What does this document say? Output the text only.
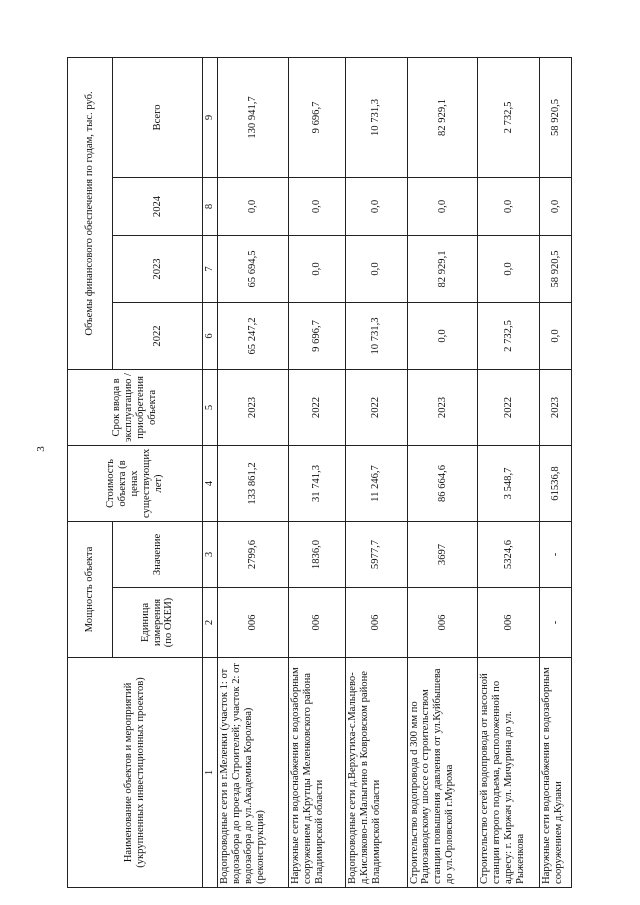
3
Наименование объектов и мероприятий (укрупненных инвестиционных проектов)	Мощность объекта		Стоимость объекта (в ценах существующих лет)	Срок ввода в эксплуатацию / приобретения объекта	Объемы финансового обеспечения по годам, тыс. руб.			
	Единица измерения (по ОКЕИ)	Значение			2022	2023	2024	Всего
1	2	3	4	5	6	7	8	9
Водопроводные сети в г.Меленки (участок 1: от водозабора до проезда Строителей; участок 2: от водозабора до ул.Академика Королева) (реконструкция)	006	2799,6	133 861,2	2023	65 247,2	65 694,5	0,0	130 941,7
Наружные сети водоснабжения с водозаборным сооружением д.Крутцы Меленковского района Владимирской области	006	1836,0	31 741,3	2022	9 696,7	0,0	0,0	9 696,7
Водопроводные сети д.Верхутиха-с.Мальцево-д.Кисляково-п.Малыгино в Ковровском районе Владимирской области	006	5977,7	11 246,7	2022	10 731,3	0,0	0,0	10 731,3
Строительство водопровода d 300 мм по Радиозаводскому шоссе со строительством станции повышения давления от ул.Куйбышева до ул.Орловской г.Мурома	006	3697	86 664,6	2023	0,0	82 929,1	0,0	82 929,1
Строительство сетей водопровода от насосной станции второго подъема, расположенной по адресу: г. Киржач ул. Мичурина до ул. Рыженкова	006	5324,6	3 548,7	2022	2 732,5	0,0	0,0	2 732,5
Наружные сети водоснабжения с водозаборным сооружением д.Кулаки	-	-	61536,8	2023	0,0	58 920,5	0,0	58 920,5
